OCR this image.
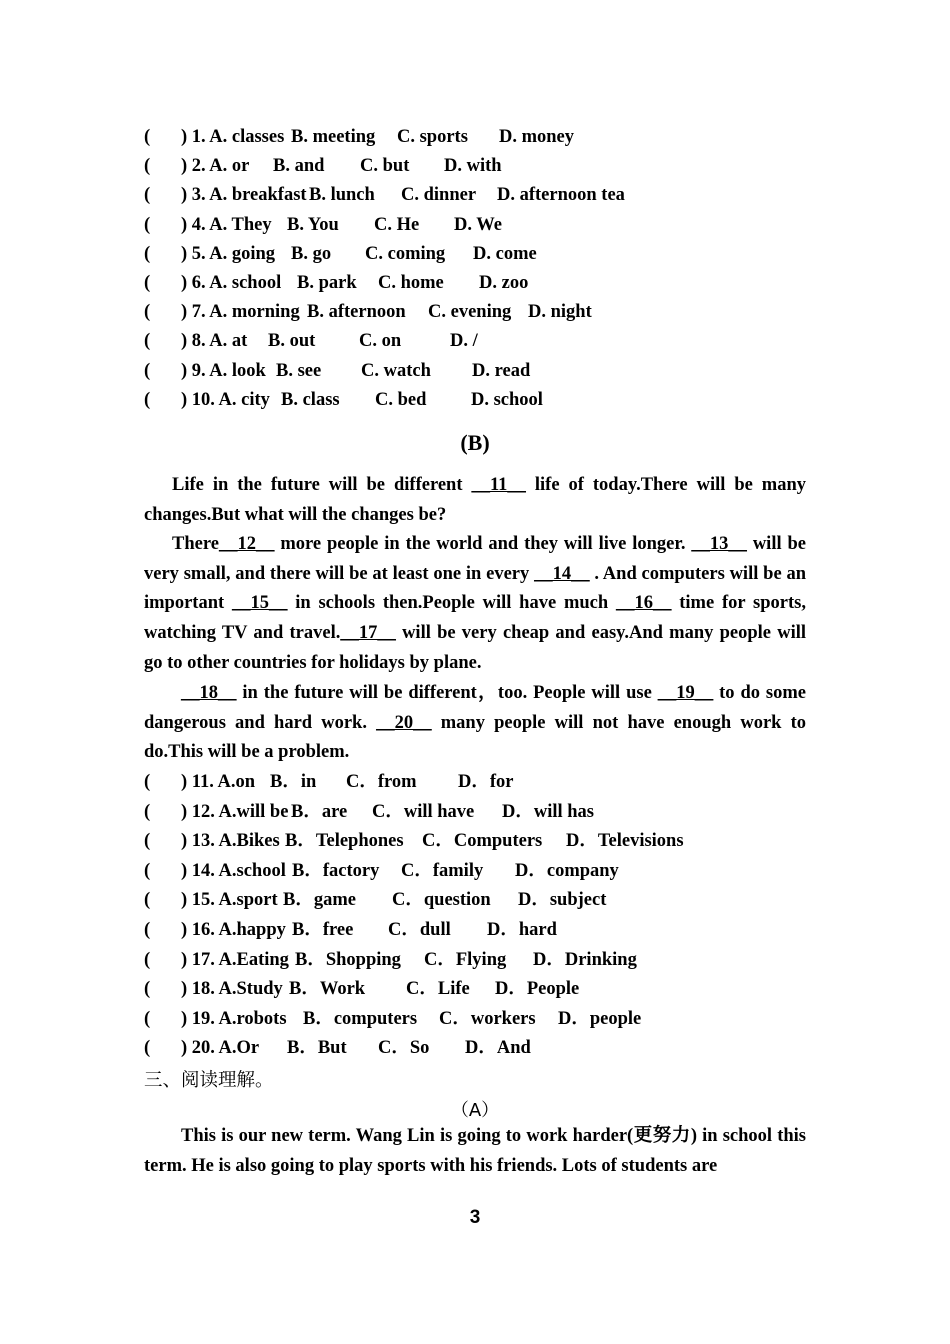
(	) 1. A. classes B. meeting C. sports D. money
(	) 2. A. or B. and C. but D. with
(	) 3. A. breakfast B. lunch C. dinner D. afternoon tea
(	) 4. A. They B. You C. He D. We
(	) 5. A. going B. go C. coming D. come
(	) 6. A. school B. park C. home D. zoo
(	) 7. A. morning B. afternoon C. evening D. night
(	) 8. A. at B. out C. on	D. /
(	) 9. A. look B. see C. watch D. read
(	) 10. A. city B. class C. bed D. school
(B)
Life in the future will be different __11__ life of today.There will be many changes.But what will the changes be?
There__12__ more people in the world and they will live longer. __13__ will be very small, and there will be at least one in every __14__ . And computers will be an important __15__ in schools then.People will have much __16__ time for sports, watching TV and travel.__17__ will be very cheap and easy.And many people will go to other countries for holidays by plane.
__18__ in the future will be different，too. People will use __19__ to do some dangerous and hard work. __20__ many people will not have enough work to do.This will be a problem.
(	) 11. A.on B．in C．from D．for
(	) 12. A.will be B．are C．will have D．will has
(	) 13. A.Bikes B．Telephones C．Computers D．Televisions
(	) 14. A.school B．factory C．family D．company
(	) 15. A.sport B．game C．question D．subject
(	) 16. A.happy B．free C．dull D．hard
(	) 17. A.Eating B．Shopping C．Flying D．Drinking
(	) 18. A.Study B．Work C．Life D．People
(	) 19. A.robots B．computers C．workers D．people
(	) 20. A.Or B．But C．So D．And
三、阅读理解。
（A）
This is our new term. Wang Lin is going to work harder(更努力) in school this term. He is also going to play sports with his friends. Lots of students are
3
